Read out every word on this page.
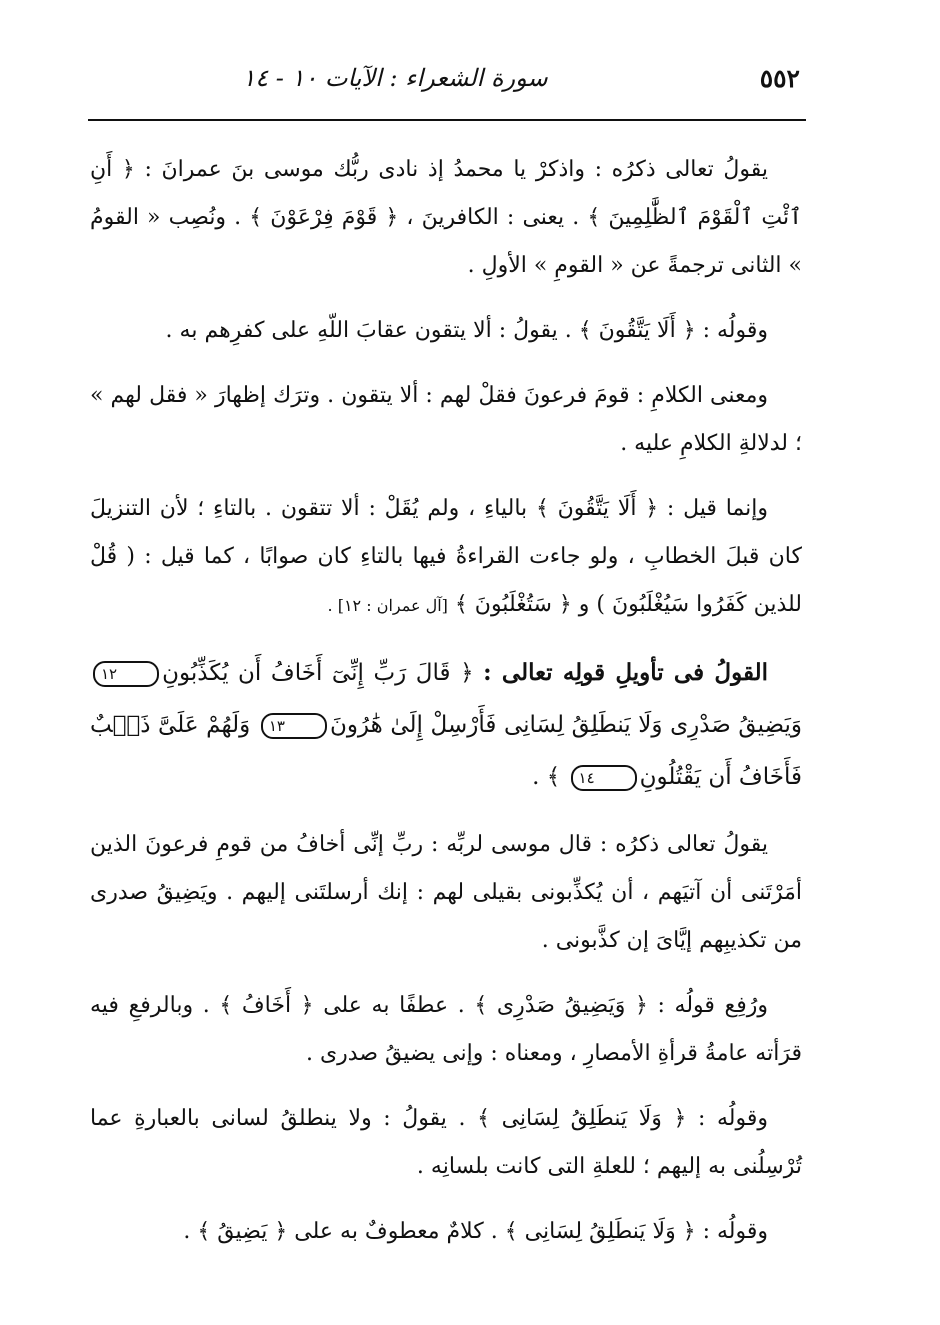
٥٥٢
سورة الشعراء : الآيات ١٠ - ١٤

يقولُ تعالى ذكرُه : واذكرْ يا محمدُ إذ نادى ربُّك موسى بنَ عمرانَ : ﴿ أَنِ ٱئْتِ ٱلْقَوْمَ ٱلظَّٰلِمِينَ ﴾ . يعنى : الكافرينَ ، ﴿ قَوْمَ فِرْعَوْنَ ﴾ . ونُصِب « القومُ » الثانى ترجمةً عن « القومِ » الأولِ .

وقولُه : ﴿ أَلَا يَتَّقُونَ ﴾ . يقولُ : ألا يتقون عقابَ اللّهِ على كفرِهم به .

ومعنى الكلامِ : قومَ فرعونَ فقلْ لهم : ألا يتقون . وترَك إظهارَ « فقل لهم » ؛ لدلالةِ الكلامِ عليه .

وإنما قيل : ﴿ أَلَا يَتَّقُونَ ﴾ بالياءِ ، ولم يُقَلْ : ألا تتقون . بالتاءِ ؛ لأن التنزيلَ كان قبلَ الخطابِ ، ولو جاءت القراءةُ فيها بالتاءِ كان صوابًا ، كما قيل : ( قُلْ للذين كَفَرُوا سَيُغْلَبُونَ ) و ﴿ سَتُغْلَبُونَ ﴾ [آل عمران : ١٢] .

القولُ فى تأويلِ قولِه تعالى : ﴿ قَالَ رَبِّ إِنِّىٓ أَخَافُ أَن يُكَذِّبُونِ١٢ وَيَضِيقُ صَدْرِى وَلَا يَنطَلِقُ لِسَانِى فَأَرْسِلْ إِلَىٰ هَٰرُونَ١٣ وَلَهُمْ عَلَىَّ ذَنۢبٌ فَأَخَافُ أَن يَقْتُلُونِ١٤ ﴾ .

يقولُ تعالى ذكرُه : قال موسى لربِّه : ربِّ إنِّى أخافُ من قومِ فرعونَ الذين أمَرْتَنى أن آتيَهم ، أن يُكذِّبونى بقيلى لهم : إنك أرسلتَنى إليهم . ويَضِيقُ صدرى من تكذيبِهم إيَّاىَ إن كذَّبونى .

ورُفِع قولُه : ﴿ وَيَضِيقُ صَدْرِى ﴾ . عطفًا به على ﴿ أَخَافُ ﴾ . وبالرفعِ فيه قرَأته عامةُ قرأةِ الأمصارِ ، ومعناه : وإنى يضيقُ صدرى .

وقولُه : ﴿ وَلَا يَنطَلِقُ لِسَانِى ﴾ . يقولُ : ولا ينطلقُ لسانى بالعبارةِ عما تُرْسِلُنى به إليهم ؛ للعلةِ التى كانت بلسانِه .

وقولُه : ﴿ وَلَا يَنطَلِقُ لِسَانِى ﴾ . كلامٌ معطوفٌ به على ﴿ يَضِيقُ ﴾ .
